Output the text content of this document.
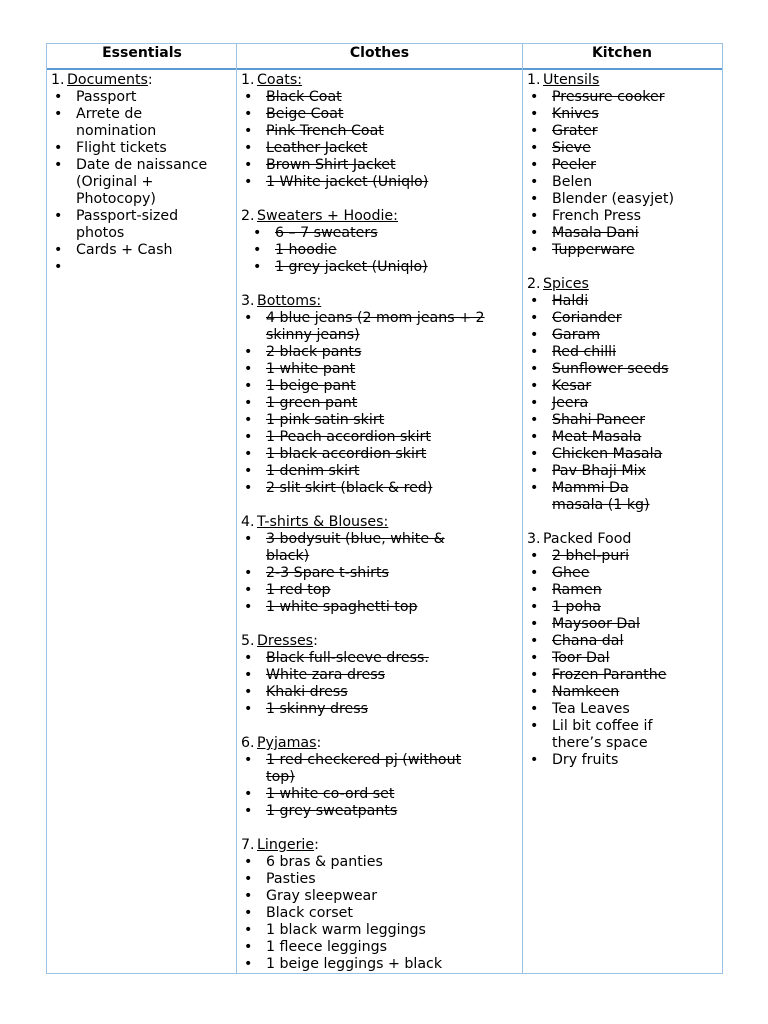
Essentials	Clothes	Kitchen
1. Documents:
• Passport
• Arrete de
nomination
• Flight tickets
• Date de naissance
(Original +
Photocopy)
• Passport-sized
photos
• Cards + Cash
•
1. Coats:
• Black Coat
• Beige Coat
• Pink Trench Coat
• Leather Jacket
• Brown Shirt Jacket
• 1 White jacket (Uniqlo)
2. Sweaters + Hoodie:
• 6 – 7 sweaters
• 1 hoodie
• 1 grey jacket (Uniqlo)
3. Bottoms:
• 4 blue jeans (2 mom jeans + 2
skinny jeans)
• 2 black pants
• 1 white pant
• 1 beige pant
• 1 green pant
• 1 pink satin skirt
• 1 Peach accordion skirt
• 1 black accordion skirt
• 1 denim skirt
• 2 slit skirt (black & red)
4. T-shirts & Blouses:
• 3 bodysuit (blue, white &
black)
• 2-3 Spare t-shirts
• 1 red top
• 1 white spaghetti top
5. Dresses:
• Black full-sleeve dress.
• White zara dress
• Khaki dress
• 1 skinny dress
6. Pyjamas:
• 1 red checkered pj (without
top)
• 1 white co-ord set
• 1 grey sweatpants
7. Lingerie:
• 6 bras & panties
• Pasties
• Gray sleepwear
• Black corset
• 1 black warm leggings
• 1 fleece leggings
• 1 beige leggings + black
1. Utensils
• Pressure cooker
• Knives
• Grater
• Sieve
• Peeler
• Belen
• Blender (easyjet)
• French Press
• Masala Dani
• Tupperware
2. Spices
• Haldi
• Coriander
• Garam
• Red chilli
• Sunflower seeds
• Kesar
• Jeera
• Shahi Paneer
• Meat Masala
• Chicken Masala
• Pav Bhaji Mix
• Mammi Da
masala (1 kg)
3. Packed Food
• 2 bhel-puri
• Ghee
• Ramen
• 1 poha
• Maysoor Dal
• Chana dal
• Toor Dal
• Frozen Paranthe
• Namkeen
• Tea Leaves
• Lil bit coffee if
there’s space
• Dry fruits
